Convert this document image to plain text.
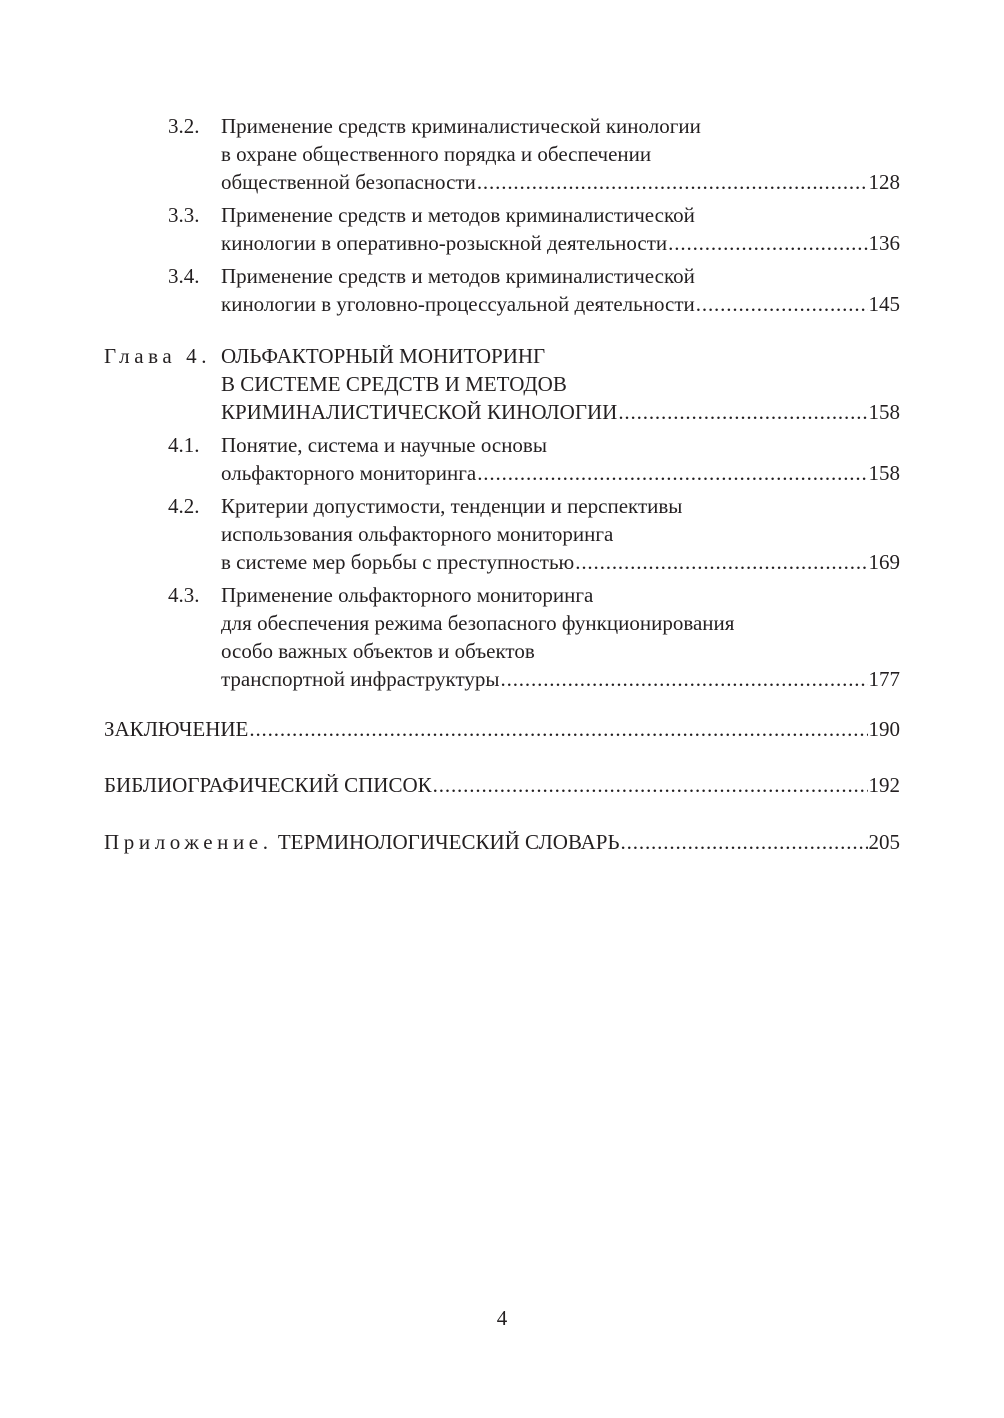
3.2.	Применение средств криминалистической кинологии
в охране общественного порядка и обеспечении
общественной безопасности . . .	128
3.3.	Применение средств и методов криминалистической
кинологии в оперативно-розыскной деятельности . . .	136
3.4.	Применение средств и методов криминалистической
кинологии в уголовно-процессуальной деятельности . . .	145
Глава 4. ОЛЬФАКТОРНЫЙ МОНИТОРИНГ
В СИСТЕМЕ СРЕДСТВ И МЕТОДОВ
КРИМИНАЛИСТИЧЕСКОЙ КИНОЛОГИИ . . .	158
4.1.	Понятие, система и научные основы
ольфакторного мониторинга . . .	158
4.2.	Критерии допустимости, тенденции и перспективы
использования ольфакторного мониторинга
в системе мер борьбы с преступностью . . .	169
4.3.	Применение ольфакторного мониторинга
для обеспечения режима безопасного функционирования
особо важных объектов и объектов
транспортной инфраструктуры . . .	177
ЗАКЛЮЧЕНИЕ . . .	190
БИБЛИОГРАФИЧЕСКИЙ СПИСОК . . .	192
Приложение. ТЕРМИНОЛОГИЧЕСКИЙ СЛОВАРЬ . . .	205
4
